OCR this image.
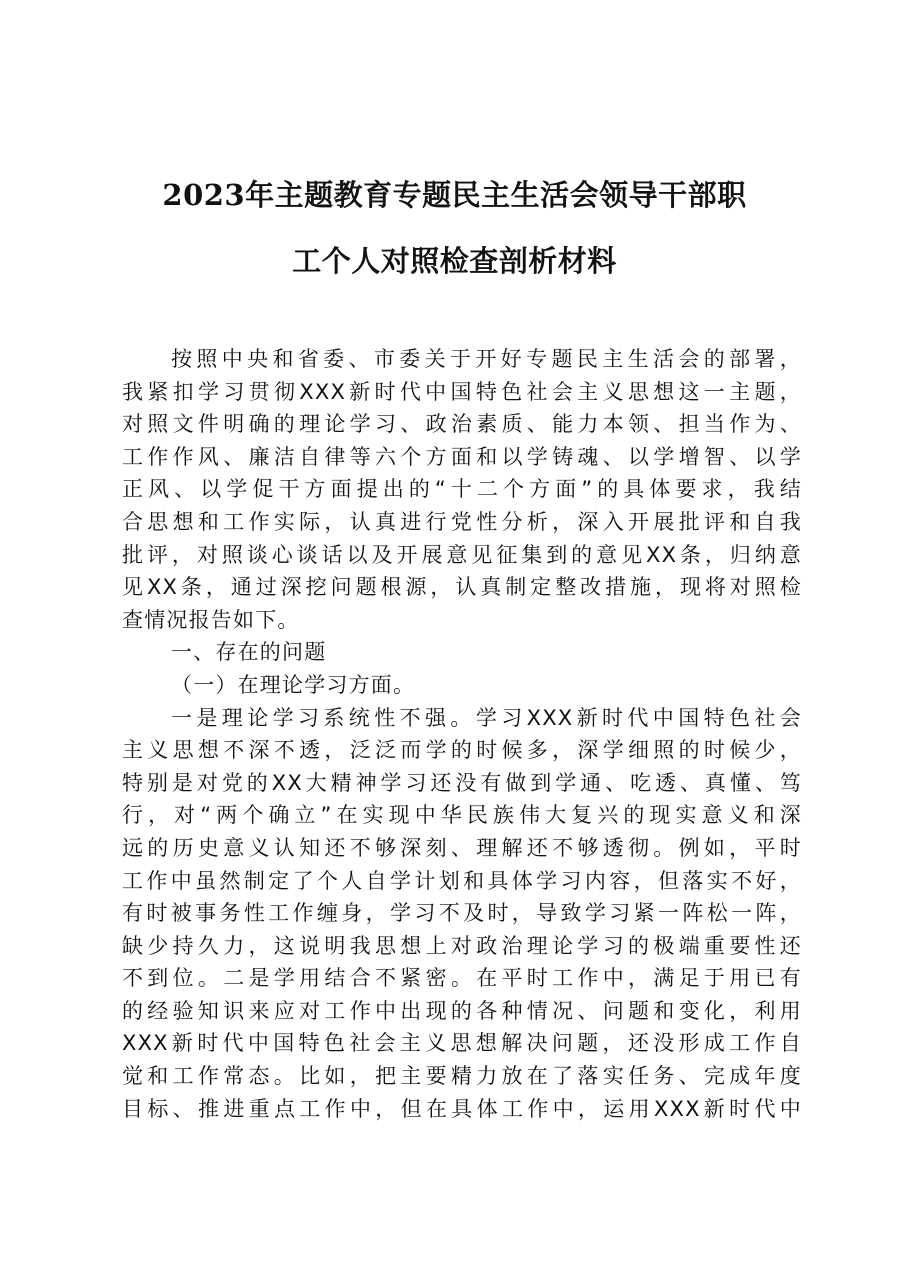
2023年主题教育专题民主生活会领导干部职
工个人对照检查剖析材料
按照中央和省委、市委关于开好专题民主生活会的部署，
我紧扣学习贯彻XXX新时代中国特色社会主义思想这一主题，
对照文件明确的理论学习、政治素质、能力本领、担当作为、
工作作风、廉洁自律等六个方面和以学铸魂、以学增智、以学
正风、以学促干方面提出的“十二个方面”的具体要求，我结
合思想和工作实际，认真进行党性分析，深入开展批评和自我
批评，对照谈心谈话以及开展意见征集到的意见XX条，归纳意
见XX条，通过深挖问题根源，认真制定整改措施，现将对照检
查情况报告如下。
一、存在的问题
（一）在理论学习方面。
一是理论学习系统性不强。学习XXX新时代中国特色社会
主义思想不深不透，泛泛而学的时候多，深学细照的时候少，
特别是对党的XX大精神学习还没有做到学通、吃透、真懂、笃
行，对“两个确立”在实现中华民族伟大复兴的现实意义和深
远的历史意义认知还不够深刻、理解还不够透彻。例如，平时
工作中虽然制定了个人自学计划和具体学习内容，但落实不好，
有时被事务性工作缠身，学习不及时，导致学习紧一阵松一阵，
缺少持久力，这说明我思想上对政治理论学习的极端重要性还
不到位。二是学用结合不紧密。在平时工作中，满足于用已有
的经验知识来应对工作中出现的各种情况、问题和变化，利用
XXX新时代中国特色社会主义思想解决问题，还没形成工作自
觉和工作常态。比如，把主要精力放在了落实任务、完成年度
目标、推进重点工作中，但在具体工作中，运用XXX新时代中
